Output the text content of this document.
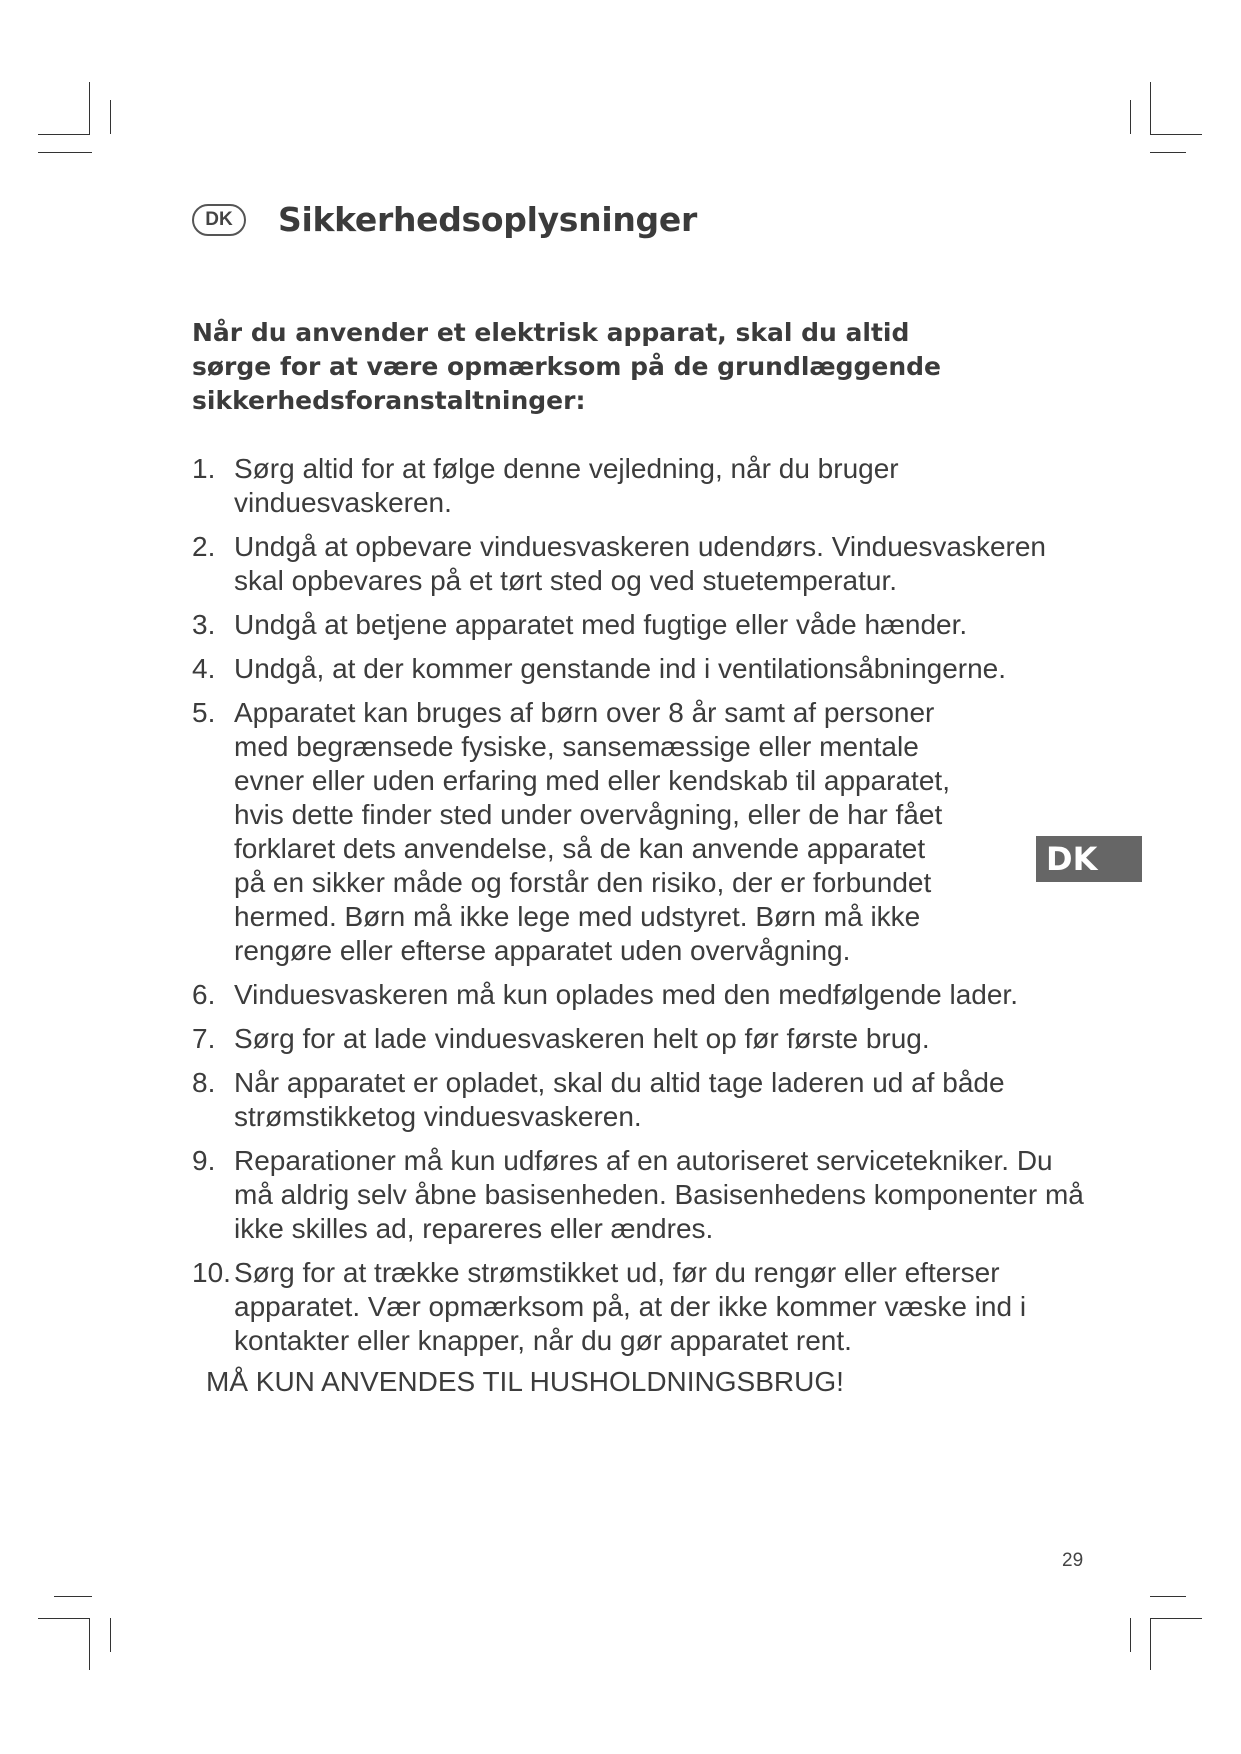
DK	Sikkerhedsoplysninger

Når du anvender et elektrisk apparat, skal du altid sørge for at være opmærksom på de grundlæggende sikkerhedsforanstaltninger:

1. Sørg altid for at følge denne vejledning, når du bruger vinduesvaskeren.
2. Undgå at opbevare vinduesvaskeren udendørs. Vinduesvaskeren skal opbevares på et tørt sted og ved stuetemperatur.
3. Undgå at betjene apparatet med fugtige eller våde hænder.
4. Undgå, at der kommer genstande ind i ventilationsåbningerne.
5. Apparatet kan bruges af børn over 8 år samt af personer med begrænsede fysiske, sansemæssige eller mentale evner eller uden erfaring med eller kendskab til apparatet, hvis dette finder sted under overvågning, eller de har fået forklaret dets anvendelse, så de kan anvende apparatet på en sikker måde og forstår den risiko, der er forbundet hermed. Børn må ikke lege med udstyret. Børn må ikke rengøre eller efterse apparatet uden overvågning.
6. Vinduesvaskeren må kun oplades med den medfølgende lader.
7. Sørg for at lade vinduesvaskeren helt op før første brug.
8. Når apparatet er opladet, skal du altid tage laderen ud af både strømstikketog vinduesvaskeren.
9. Reparationer må kun udføres af en autoriseret servicetekniker. Du må aldrig selv åbne basisenheden. Basisenhedens komponenter må ikke skilles ad, repareres eller ændres.
10. Sørg for at trække strømstikket ud, før du rengør eller efterser apparatet. Vær opmærksom på, at der ikke kommer væske ind i kontakter eller knapper, når du gør apparatet rent.
MÅ KUN ANVENDES TIL HUSHOLDNINGSBRUG!
DK
29
